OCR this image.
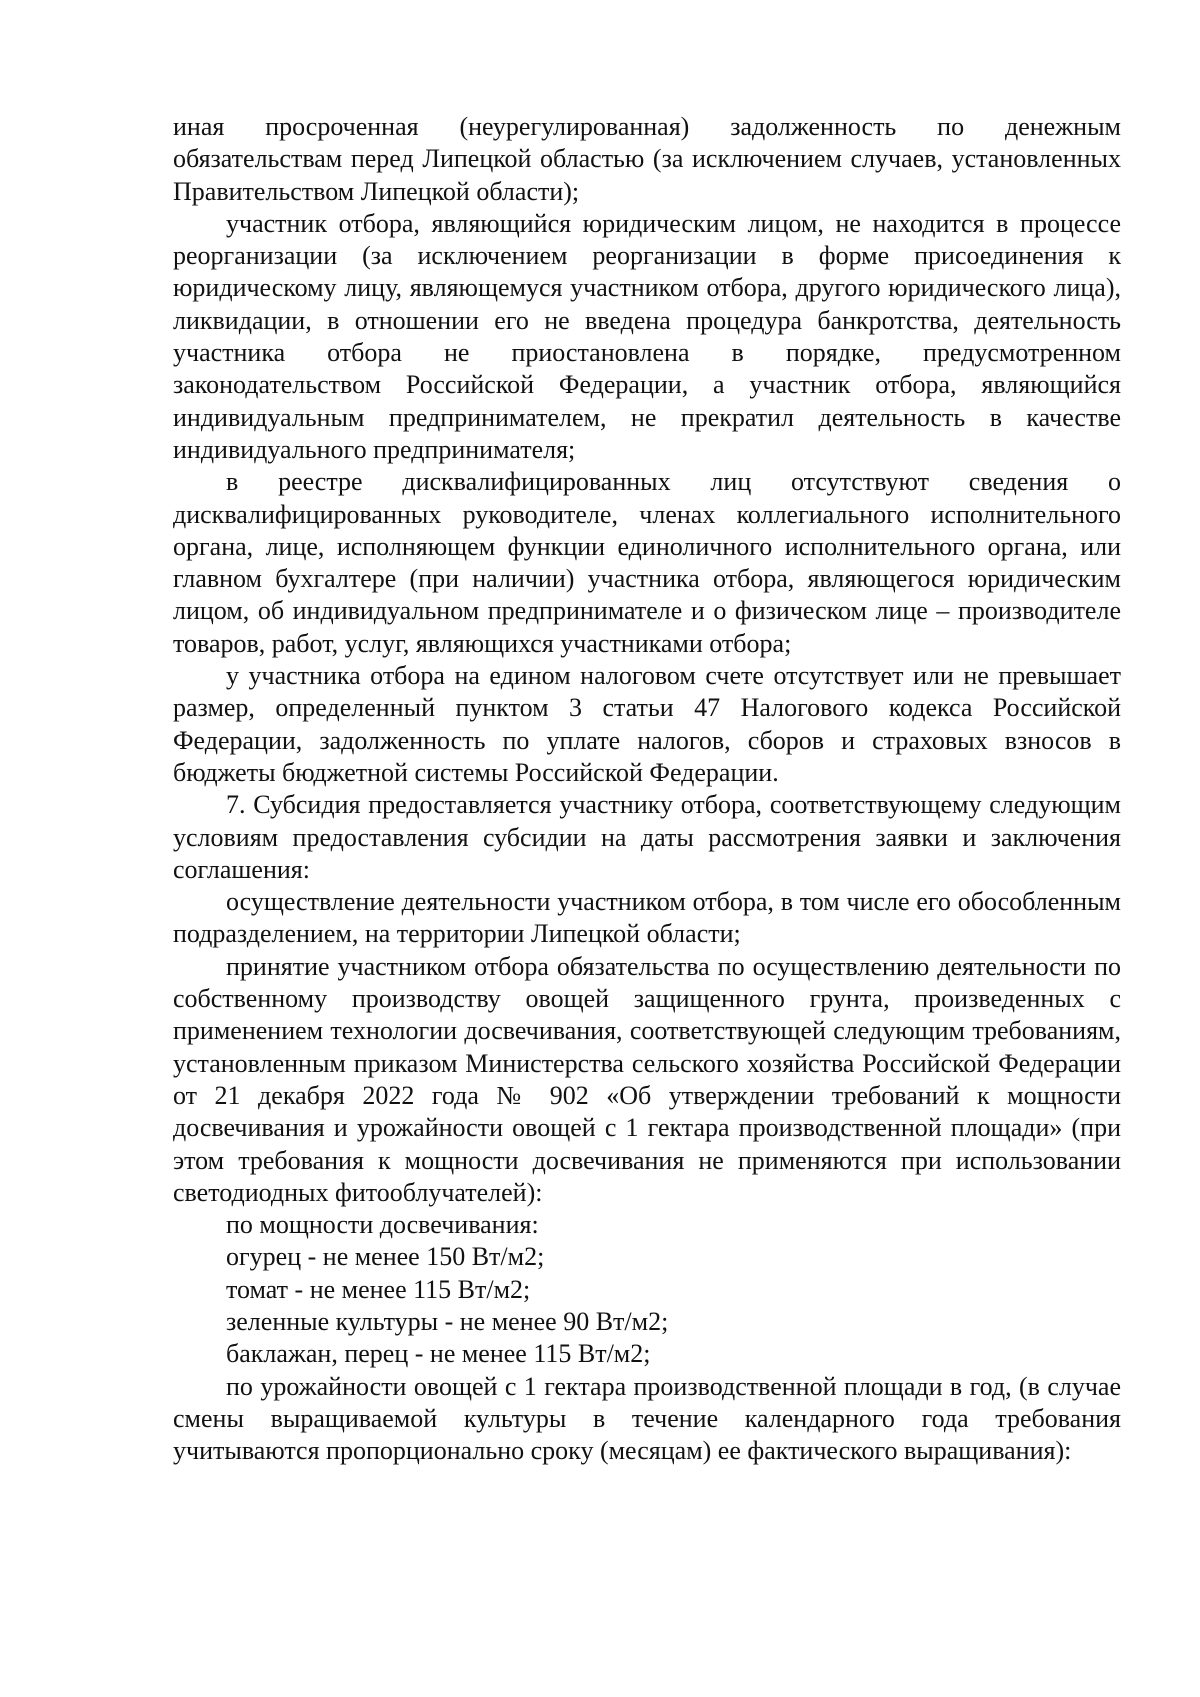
иная просроченная (неурегулированная) задолженность по денежным обязательствам перед Липецкой областью (за исключением случаев, установленных Правительством Липецкой области);

участник отбора, являющийся юридическим лицом, не находится в процессе реорганизации (за исключением реорганизации в форме присоединения к юридическому лицу, являющемуся участником отбора, другого юридического лица), ликвидации, в отношении его не введена процедура банкротства, деятельность участника отбора не приостановлена в порядке, предусмотренном законодательством Российской Федерации, а участник отбора, являющийся индивидуальным предпринимателем, не прекратил деятельность в качестве индивидуального предпринимателя;

в реестре дисквалифицированных лиц отсутствуют сведения о дисквалифицированных руководителе, членах коллегиального исполнительного органа, лице, исполняющем функции единоличного исполнительного органа, или главном бухгалтере (при наличии) участника отбора, являющегося юридическим лицом, об индивидуальном предпринимателе и о физическом лице – производителе товаров, работ, услуг, являющихся участниками отбора;

у участника отбора на едином налоговом счете отсутствует или не превышает размер, определенный пунктом 3 статьи 47 Налогового кодекса Российской Федерации, задолженность по уплате налогов, сборов и страховых взносов в бюджеты бюджетной системы Российской Федерации.

7. Субсидия предоставляется участнику отбора, соответствующему следующим условиям предоставления субсидии на даты рассмотрения заявки и заключения соглашения:

осуществление деятельности участником отбора, в том числе его обособленным подразделением, на территории Липецкой области;

принятие участником отбора обязательства по осуществлению деятельности по собственному производству овощей защищенного грунта, произведенных с применением технологии досвечивания, соответствующей следующим требованиям, установленным приказом Министерства сельского хозяйства Российской Федерации от 21 декабря 2022 года № 902 «Об утверждении требований к мощности досвечивания и урожайности овощей с 1 гектара производственной площади» (при этом требования к мощности досвечивания не применяются при использовании светодиодных фитооблучателей):

по мощности досвечивания:

огурец - не менее 150 Вт/м2;

томат - не менее 115 Вт/м2;

зеленные культуры - не менее 90 Вт/м2;

баклажан, перец - не менее 115 Вт/м2;

по урожайности овощей с 1 гектара производственной площади в год, (в случае смены выращиваемой культуры в течение календарного года требования учитываются пропорционально сроку (месяцам) ее фактического выращивания):
